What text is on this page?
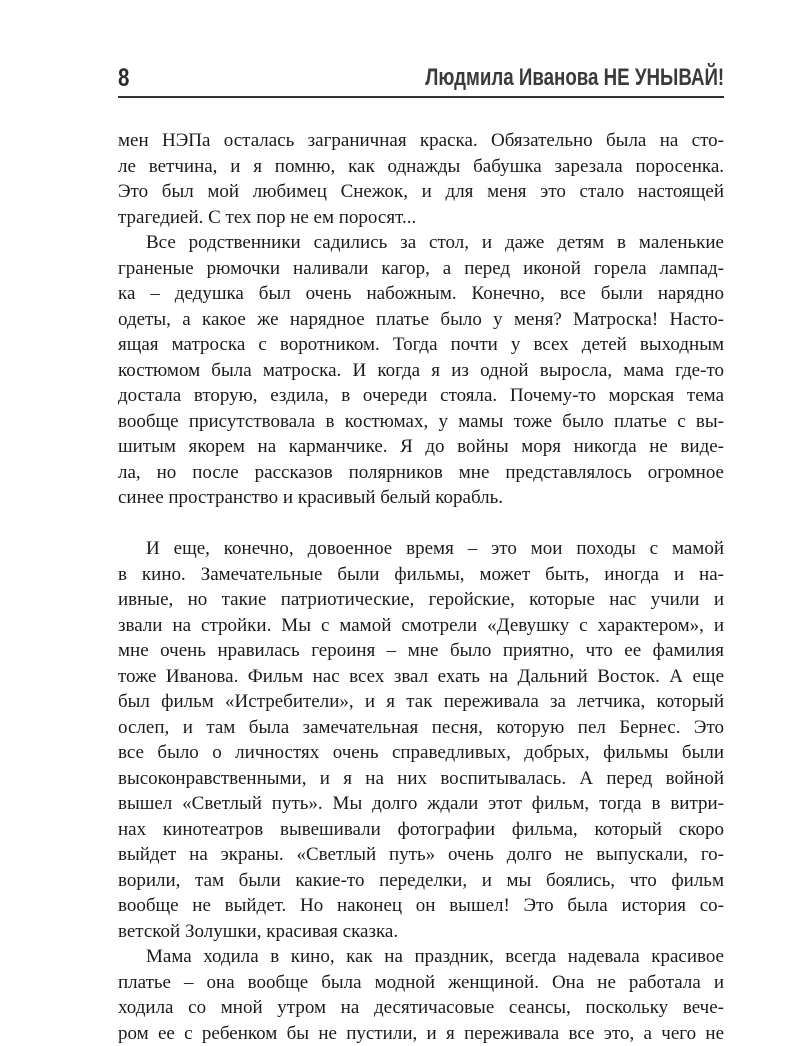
8	Людмила Иванова НЕ УНЫВАЙ!
мен НЭПа осталась заграничная краска. Обязательно была на сто-
ле ветчина, и я помню, как однажды бабушка зарезала поросенка.
Это был мой любимец Снежок, и для меня это стало настоящей
трагедией. С тех пор не ем поросят...
Все родственники садились за стол, и даже детям в маленькие
граненые рюмочки наливали кагор, а перед иконой горела лампад-
ка – дедушка был очень набожным. Конечно, все были нарядно
одеты, а какое же нарядное платье было у меня? Матроска! Насто-
ящая матроска с воротником. Тогда почти у всех детей выходным
костюмом была матроска. И когда я из одной выросла, мама где-то
достала вторую, ездила, в очереди стояла. Почему-то морская тема
вообще присутствовала в костюмах, у мамы тоже было платье с вы-
шитым якорем на карманчике. Я до войны моря никогда не виде-
ла, но после рассказов полярников мне представлялось огромное
синее пространство и красивый белый корабль.
И еще, конечно, довоенное время – это мои походы с мамой
в кино. Замечательные были фильмы, может быть, иногда и на-
ивные, но такие патриотические, геройские, которые нас учили и
звали на стройки. Мы с мамой смотрели «Девушку с характером», и
мне очень нравилась героиня – мне было приятно, что ее фамилия
тоже Иванова. Фильм нас всех звал ехать на Дальний Восток. А еще
был фильм «Истребители», и я так переживала за летчика, который
ослеп, и там была замечательная песня, которую пел Бернес. Это
все было о личностях очень справедливых, добрых, фильмы были
высоконравственными, и я на них воспитывалась. А перед войной
вышел «Светлый путь». Мы долго ждали этот фильм, тогда в витри-
нах кинотеатров вывешивали фотографии фильма, который скоро
выйдет на экраны. «Светлый путь» очень долго не выпускали, го-
ворили, там были какие-то переделки, и мы боялись, что фильм
вообще не выйдет. Но наконец он вышел! Это была история со-
ветской Золушки, красивая сказка.
Мама ходила в кино, как на праздник, всегда надевала красивое
платье – она вообще была модной женщиной. Она не работала и
ходила со мной утром на десятичасовые сеансы, поскольку вече-
ром ее с ребенком бы не пустили, и я переживала все это, а чего не
